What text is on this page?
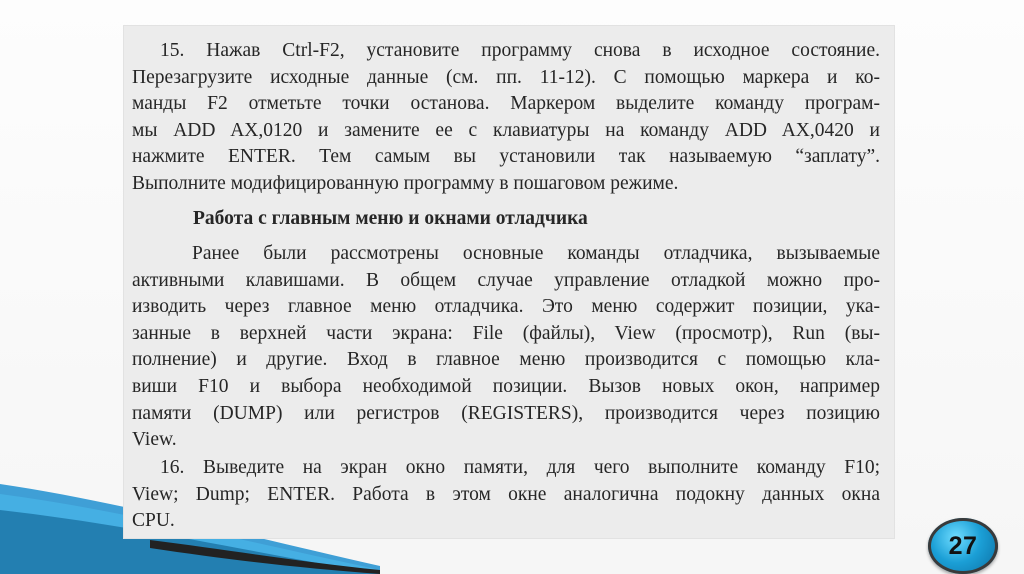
15. Нажав Ctrl-F2, установите программу снова в исходное состояние.
Перезагрузите исходные данные (см. пп. 11-12). С помощью маркера и ко-
манды F2 отметьте точки останова. Маркером выделите команду програм-
мы ADD AX,0120 и замените ее с клавиатуры на команду ADD AX,0420 и
нажмите ENTER. Тем самым вы установили так называемую “заплату”.
Выполните модифицированную программу в пошаговом режиме.

Работа с главным меню и окнами отладчика

Ранее были рассмотрены основные команды отладчика, вызываемые
активными клавишами. В общем случае управление отладкой можно про-
изводить через главное меню отладчика. Это меню содержит позиции, ука-
занные в верхней части экрана: File (файлы), View (просмотр), Run (вы-
полнение) и другие. Вход в главное меню производится с помощью кла-
виши F10 и выбора необходимой позиции. Вызов новых окон, например
памяти (DUMP) или регистров (REGISTERS), производится через позицию
View.
16. Выведите на экран окно памяти, для чего выполните команду F10;
View; Dump; ENTER. Работа в этом окне аналогична подокну данных окна
CPU.
27
